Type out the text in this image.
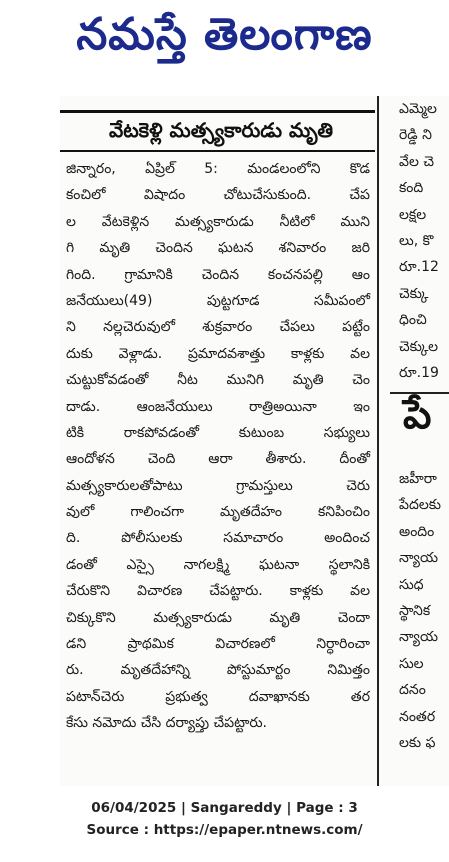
నమస్తే తెలంగాణ
వేటకెళ్లి మత్స్యకారుడు మృతి
జిన్నారం, ఏప్రిల్ 5: మండలంలోని కొడ
కంచిలో విషాదం చోటుచేసుకుంది. చేప
ల వేటకెళ్లిన మత్స్యకారుడు నీటిలో ముని
గి మృతి చెందిన ఘటన శనివారం జరి
గింది. గ్రామానికి చెందిన కంచనపల్లి ఆం
జనేయులు(49) పుట్టగూడ సమీపంలో
ని నల్లచెరువులో శుక్రవారం చేపలు పట్టేం
దుకు వెళ్లాడు. ప్రమాదవశాత్తు కాళ్లకు వల
చుట్టుకోవడంతో నీట మునిగి మృతి చెం
దాడు. ఆంజనేయులు రాత్రిఅయినా ఇం
టికి రాకపోవడంతో కుటుంబ సభ్యులు
ఆందోళన చెంది ఆరా తీశారు. దీంతో
మత్స్యకారులతోపాటు గ్రామస్తులు చెరు
వులో గాలించగా మృతదేహం కనిపించిం
ది. పోలీసులకు సమాచారం అందించ
డంతో ఎస్సై నాగలక్ష్మి ఘటనా స్థలానికి
చేరుకొని విచారణ చేపట్టారు. కాళ్లకు వల
చిక్కుకొని మత్స్యకారుడు మృతి చెందా
డని ప్రాథమిక విచారణలో నిర్ధారించా
రు. మృతదేహాన్ని పోస్టుమార్టం నిమిత్తం
పటాన్‌చెరు ప్రభుత్వ దవాఖానకు తర
కేసు నమోదు చేసి దర్యాప్తు చేపట్టారు.
ఎమ్మెల
రెడ్డి ని
వేల చె
కంది
లక్షల
లు, కొ
రూ.12
చెక్కు
ధించి
చెక్కుల
రూ.19
పే
జహీరా
పేదలకు
అందిం
న్యాయ
సుధ
స్థానిక
న్యాయ
సుల
దనం
నంతర
లకు ఫ
06/04/2025 | Sangareddy | Page : 3
Source : https://epaper.ntnews.com/
